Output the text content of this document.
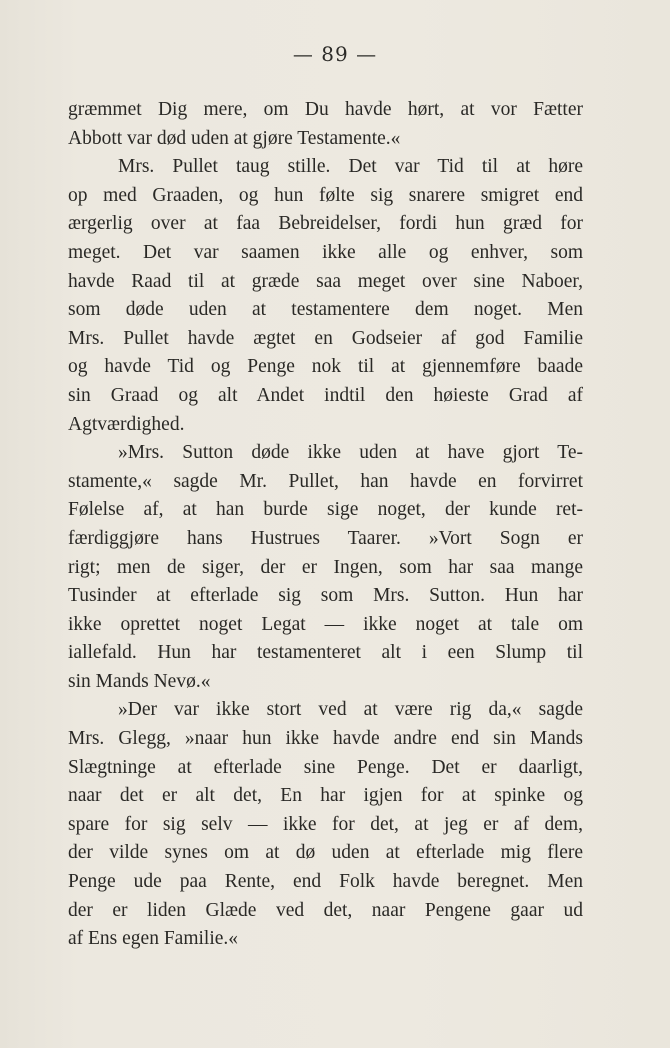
— 89 —
græmmet Dig mere, om Du havde hørt, at vor Fætter
Abbott var død uden at gjøre Testamente.«
Mrs. Pullet taug stille. Det var Tid til at høre
op med Graaden, og hun følte sig snarere smigret end
ærgerlig over at faa Bebreidelser, fordi hun græd for
meget. Det var saamen ikke alle og enhver, som
havde Raad til at græde saa meget over sine Naboer,
som døde uden at testamentere dem noget. Men
Mrs. Pullet havde ægtet en Godseier af god Familie
og havde Tid og Penge nok til at gjennemføre baade
sin Graad og alt Andet indtil den høieste Grad af
Agtværdighed.
»Mrs. Sutton døde ikke uden at have gjort Te-
stamente,« sagde Mr. Pullet, han havde en forvirret
Følelse af, at han burde sige noget, der kunde ret-
færdiggjøre hans Hustrues Taarer. »Vort Sogn er
rigt; men de siger, der er Ingen, som har saa mange
Tusinder at efterlade sig som Mrs. Sutton. Hun har
ikke oprettet noget Legat — ikke noget at tale om
iallefald. Hun har testamenteret alt i een Slump til
sin Mands Nevø.«
»Der var ikke stort ved at være rig da,« sagde
Mrs. Glegg, »naar hun ikke havde andre end sin Mands
Slægtninge at efterlade sine Penge. Det er daarligt,
naar det er alt det, En har igjen for at spinke og
spare for sig selv — ikke for det, at jeg er af dem,
der vilde synes om at dø uden at efterlade mig flere
Penge ude paa Rente, end Folk havde beregnet. Men
der er liden Glæde ved det, naar Pengene gaar ud
af Ens egen Familie.«
